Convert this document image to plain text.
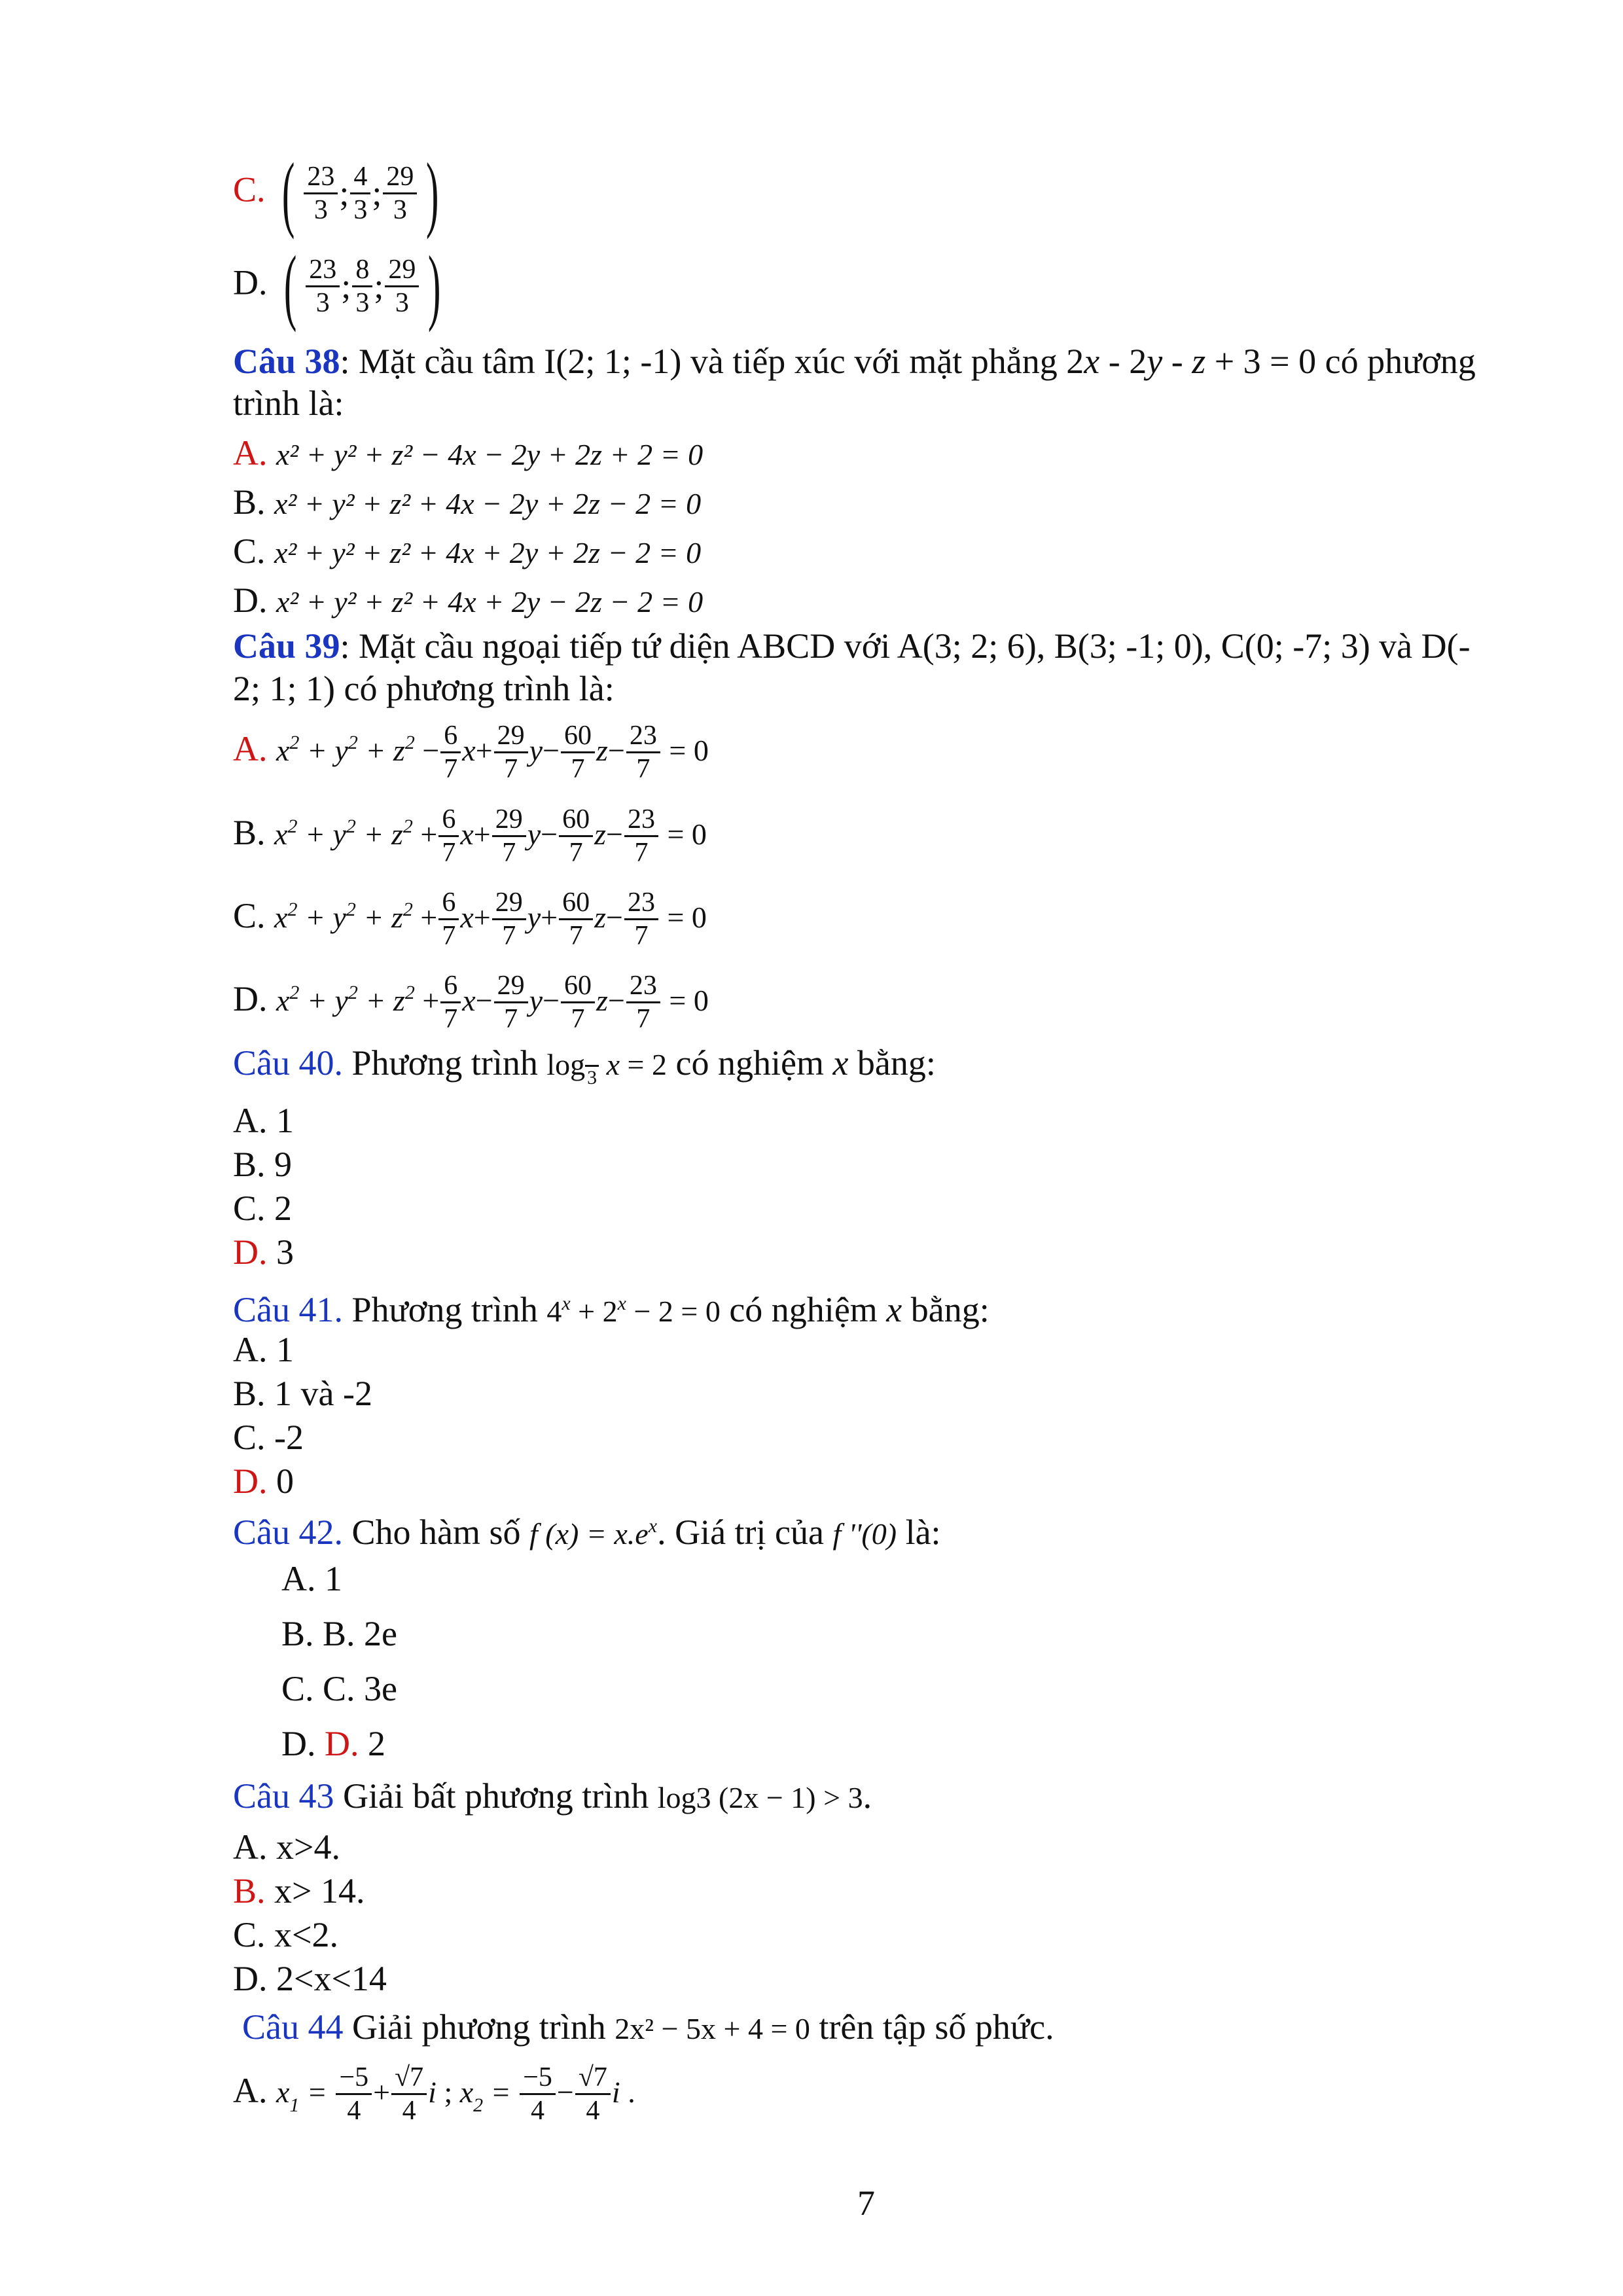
C. ( $\frac{23}{3}$ ; $\frac{4}{3}$ ; $\frac{29}{3}$ )
D. ( $\frac{23}{3}$ ; $\frac{8}{3}$ ; $\frac{29}{3}$ )
Câu 38: Mặt cầu tâm I(2; 1; -1) và tiếp xúc với mặt phẳng 2x - 2y - z + 3 = 0 có phương
trình là:
A. x² + y² + z² − 4x − 2y + 2z + 2 = 0
B. x² + y² + z² + 4x − 2y + 2z − 2 = 0
C. x² + y² + z² + 4x + 2y + 2z − 2 = 0
D. x² + y² + z² + 4x + 2y − 2z − 2 = 0
Câu 39: Mặt cầu ngoại tiếp tứ diện ABCD với A(3; 2; 6), B(3; -1; 0), C(0; -7; 3) và D(-
2; 1; 1) có phương trình là:
A. $x^2 + y^2 + z^2 - \frac{6}{7} x+ \frac{29}{7} y- \frac{60}{7} z- \frac{23}{7} = 0$
B. $x^2 + y^2 + z^2 + \frac{6}{7} x+ \frac{29}{7} y- \frac{60}{7} z- \frac{23}{7} = 0$
C. $x^2 + y^2 + z^2 + \frac{6}{7} x+ \frac{29}{7} y+ \frac{60}{7} z- \frac{23}{7} = 0$
D. $x^2 + y^2 + z^2 + \frac{6}{7} x- \frac{29}{7} y- \frac{60}{7} z- \frac{23}{7} = 0$
Câu 40. Phương trình log $_3$ x = 2 có nghiệm x bằng:
A. 1
B. 9
C. 2
D. 3
Câu 41. Phương trình $4^x + 2^x - 2 = 0$ có nghiệm x bằng:
A. 1
B. 1 và -2
C. -2
D. 0
Câu 42. Cho hàm số f $(x) = x.e^x$. Giá trị của f ''(0) là:
A. 1
B. B. 2e
C. C. 3e
D. D. 2
Câu 43 Giải bất phương trình log3 (2x − 1) > 3.
A. x>4.
B. x> 14.
C. x<2.
D. 2<x<14
Câu 44 Giải phương trình 2x² − 5x + 4 = 0 trên tập số phức.
A. $x_1 = \frac{-5}{4} + \frac{√7}{4}$ i ; $x_2 = \frac{-5}{4} - \frac{√7}{4}$ i .
7
